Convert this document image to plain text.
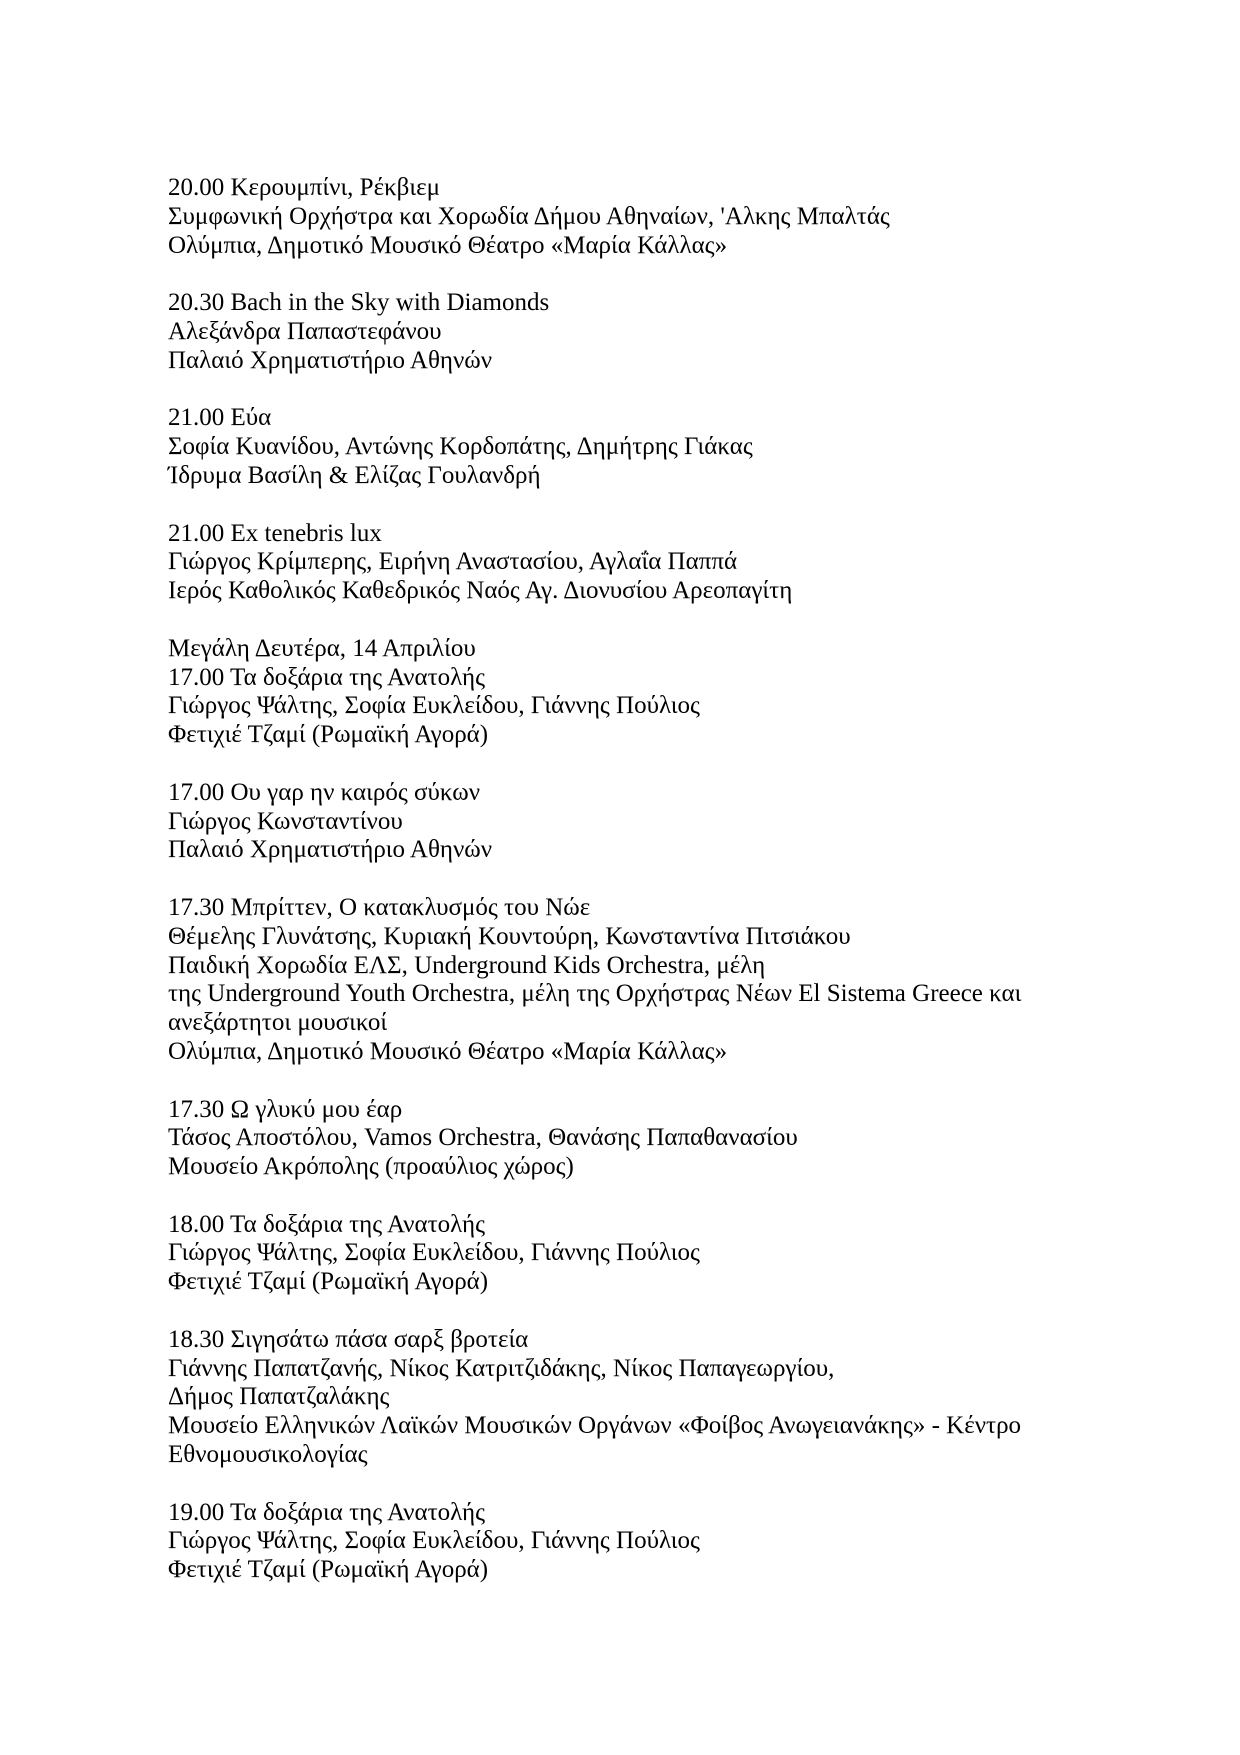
20.00 Κερουμπίνι, Ρέκβιεμ
Συμφωνική Ορχήστρα και Χορωδία Δήμου Αθηναίων, 'Αλκης Μπαλτάς
Ολύμπια, Δημοτικό Μουσικό Θέατρο «Μαρία Κάλλας»
20.30 Bach in the Sky with Diamonds
Αλεξάνδρα Παπαστεφάνου
Παλαιό Χρηματιστήριο Αθηνών
21.00 Εύα
Σοφία Κυανίδου, Αντώνης Κορδοπάτης, Δημήτρης Γιάκας
Ίδρυμα Βασίλη & Ελίζας Γουλανδρή
21.00 Ex tenebris lux
Γιώργος Κρίμπερης, Ειρήνη Αναστασίου, Αγλαΐα Παππά
Ιερός Καθολικός Καθεδρικός Ναός Αγ. Διονυσίου Αρεοπαγίτη
Μεγάλη Δευτέρα, 14 Απριλίου
17.00 Τα δοξάρια της Ανατολής
Γιώργος Ψάλτης, Σοφία Ευκλείδου, Γιάννης Πούλιος
Φετιχιέ Τζαμί (Ρωμαϊκή Αγορά)
17.00 Ου γαρ ην καιρός σύκων
Γιώργος Κωνσταντίνου
Παλαιό Χρηματιστήριο Αθηνών
17.30 Μπρίττεν, Ο κατακλυσμός του Νώε
Θέμελης Γλυνάτσης, Κυριακή Κουντούρη, Κωνσταντίνα Πιτσιάκου
Παιδική Χορωδία ΕΛΣ, Underground Kids Orchestra, μέλη
της Underground Youth Orchestra, μέλη της Ορχήστρας Νέων El Sistema Greece και
ανεξάρτητοι μουσικοί
Ολύμπια, Δημοτικό Μουσικό Θέατρο «Μαρία Κάλλας»
17.30 Ω γλυκύ μου έαρ
Τάσος Αποστόλου, Vamos Orchestra, Θανάσης Παπαθανασίου
Μουσείο Ακρόπολης (προαύλιος χώρος)
18.00 Τα δοξάρια της Ανατολής
Γιώργος Ψάλτης, Σοφία Ευκλείδου, Γιάννης Πούλιος
Φετιχιέ Τζαμί (Ρωμαϊκή Αγορά)
18.30 Σιγησάτω πάσα σαρξ βροτεία
Γιάννης Παπατζανής, Νίκος Κατριτζιδάκης, Νίκος Παπαγεωργίου,
Δήμος Παπατζαλάκης
Μουσείο Ελληνικών Λαϊκών Μουσικών Οργάνων «Φοίβος Ανωγειανάκης» - Κέντρο
Εθνομουσικολογίας
19.00 Τα δοξάρια της Ανατολής
Γιώργος Ψάλτης, Σοφία Ευκλείδου, Γιάννης Πούλιος
Φετιχιέ Τζαμί (Ρωμαϊκή Αγορά)
